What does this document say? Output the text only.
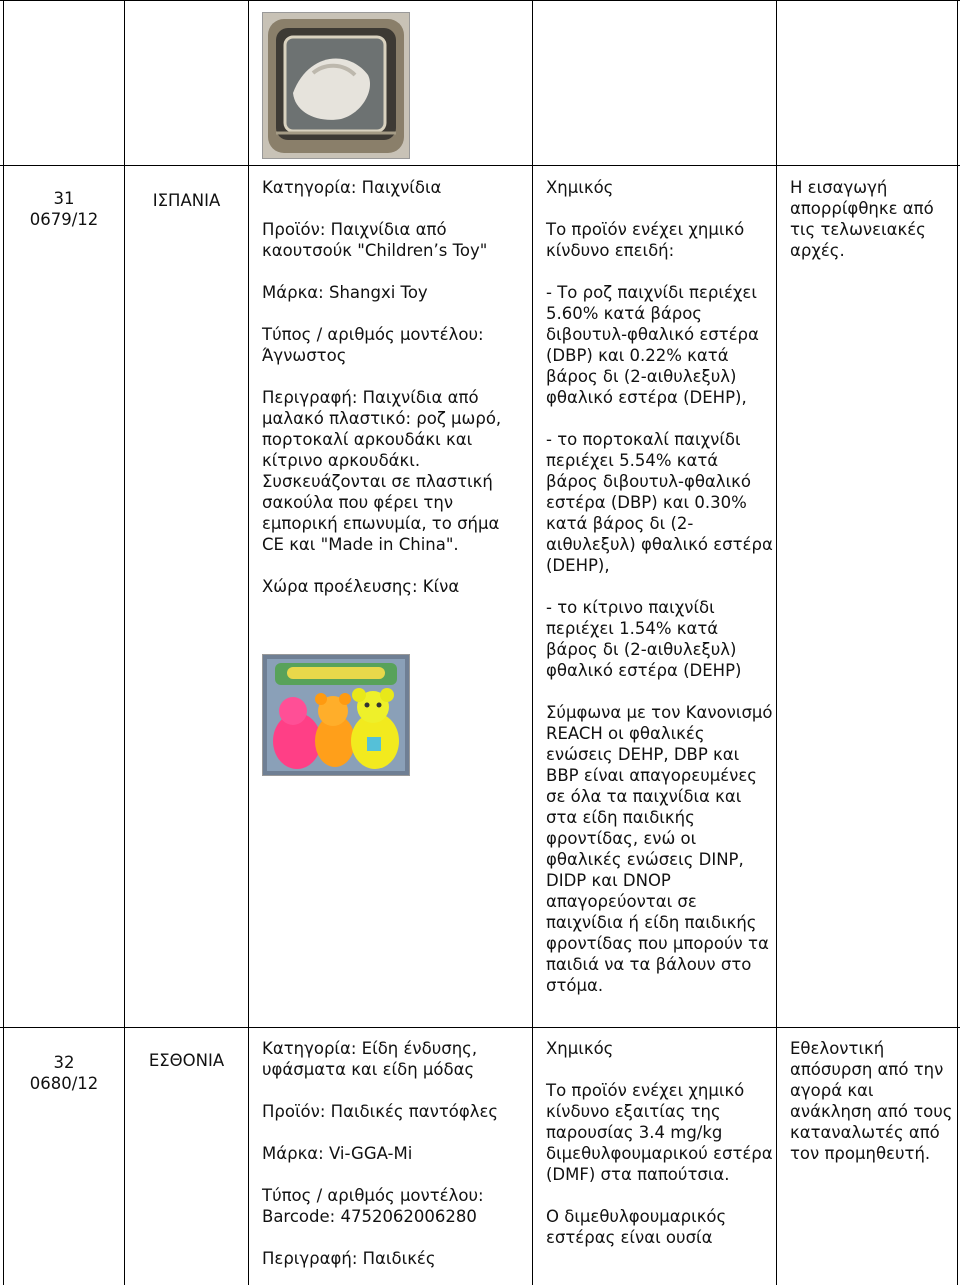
31

0679/12

ΙΣΠΑΝΙΑ

Κατηγορία: Παιχνίδια

Προϊόν: Παιχνίδια από καουτσούκ "Children’s Toy"

Μάρκα: Shangxi Toy

Τύπος / αριθμός μοντέλου: Άγνωστος

Περιγραφή: Παιχνίδια από μαλακό πλαστικό: ροζ μωρό, πορτοκαλί αρκουδάκι και κίτρινο αρκουδάκι. Συσκευάζονται σε πλαστική σακούλα που φέρει την εμπορική επωνυμία, το σήμα CE και "Made in China".

Χώρα προέλευσης: Κίνα

Χημικός

Το προϊόν ενέχει χημικό κίνδυνο επειδή:

- Το ροζ παιχνίδι περιέχει 5.60% κατά βάρος διβουτυλ-φθαλικό εστέρα (DBP) και 0.22% κατά βάρος δι (2-αιθυλεξυλ) φθαλικό εστέρα (DEHP),

- το πορτοκαλί παιχνίδι περιέχει 5.54% κατά βάρος διβουτυλ-φθαλικό εστέρα (DBP) και 0.30% κατά βάρος δι (2-αιθυλεξυλ) φθαλικό εστέρα (DEHP),

- το κίτρινο παιχνίδι περιέχει 1.54% κατά βάρος δι (2-αιθυλεξυλ) φθαλικό εστέρα (DEHP)

Σύμφωνα με τον Κανονισμό REACH οι φθαλικές ενώσεις DEHP, DBP και BBP είναι απαγορευμένες σε όλα τα παιχνίδια και στα είδη παιδικής φροντίδας, ενώ οι φθαλικές ενώσεις DINP, DIDP και DNOP απαγορεύονται σε παιχνίδια ή είδη παιδικής φροντίδας που μπορούν τα παιδιά να τα βάλουν στο στόμα.

Η εισαγωγή απορρίφθηκε από τις τελωνειακές αρχές.

32

0680/12

ΕΣΘΟΝΙΑ

Κατηγορία: Είδη ένδυσης, υφάσματα και είδη μόδας

Προϊόν: Παιδικές παντόφλες

Μάρκα: Vi-GGA-Mi

Τύπος / αριθμός μοντέλου: Barcode: 4752062006280

Περιγραφή: Παιδικές

Χημικός

Το προϊόν ενέχει χημικό κίνδυνο εξαιτίας της παρουσίας 3.4 mg/kg διμεθυλφουμαρικού εστέρα (DMF) στα παπούτσια.

Ο διμεθυλφουμαρικός εστέρας είναι ουσία

Εθελοντική απόσυρση από την αγορά και ανάκληση από τους καταναλωτές από τον προμηθευτή.
